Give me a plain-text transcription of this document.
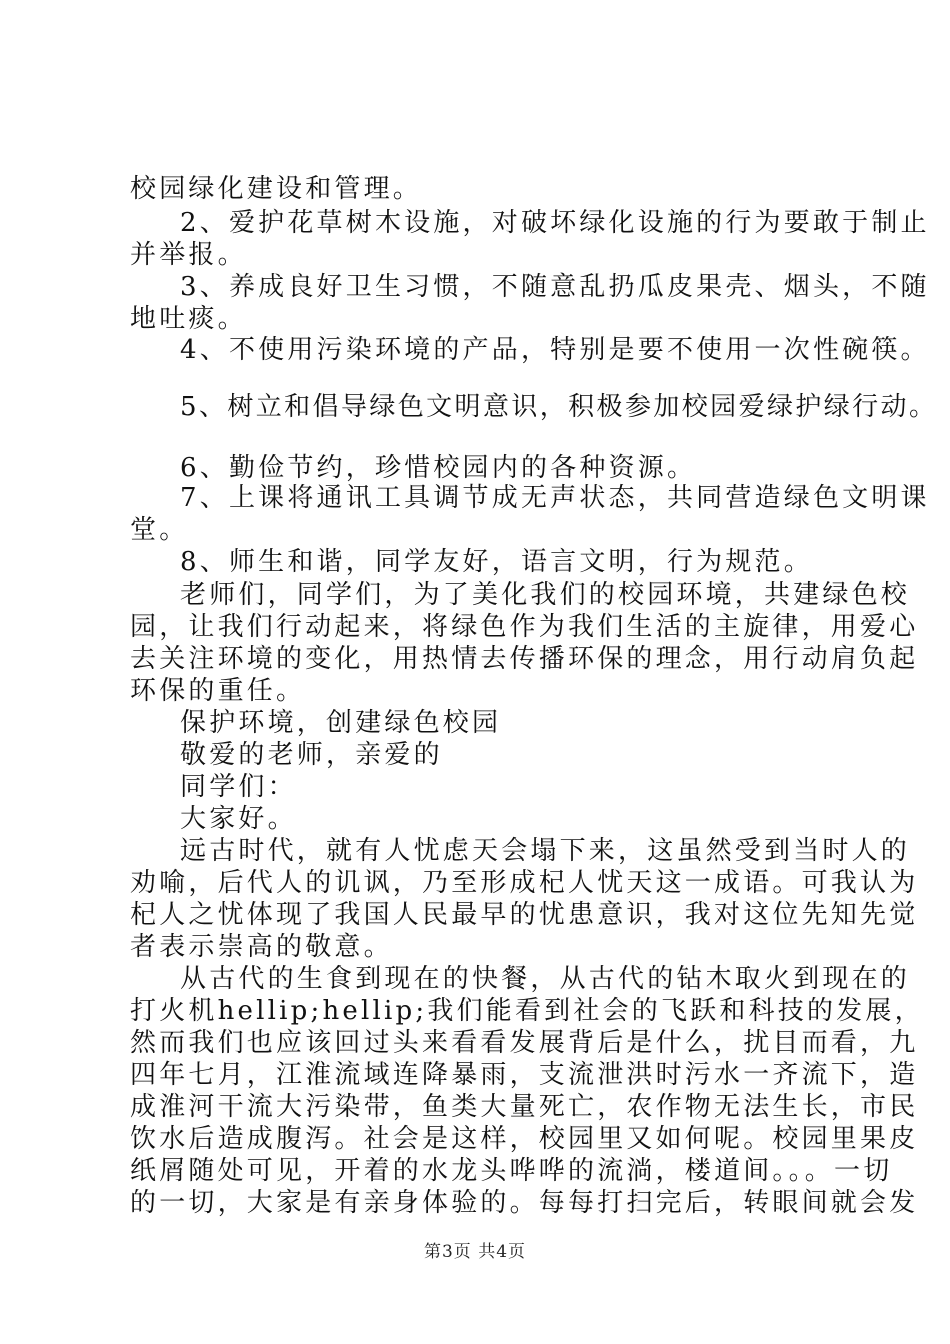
校园绿化建设和管理。
2、爱护花草树木设施，对破坏绿化设施的行为要敢于制止
并举报。
3、养成良好卫生习惯，不随意乱扔瓜皮果壳、烟头，不随
地吐痰。
4、不使用污染环境的产品，特别是要不使用一次性碗筷。
5、树立和倡导绿色文明意识，积极参加校园爱绿护绿行动。
6、勤俭节约，珍惜校园内的各种资源。
7、上课将通讯工具调节成无声状态，共同营造绿色文明课
堂。
8、师生和谐，同学友好，语言文明，行为规范。
老师们，同学们，为了美化我们的校园环境，共建绿色校
园，让我们行动起来，将绿色作为我们生活的主旋律，用爱心
去关注环境的变化，用热情去传播环保的理念，用行动肩负起
环保的重任。
保护环境，创建绿色校园
敬爱的老师，亲爱的
同学们：
大家好。
远古时代，就有人忧虑天会塌下来，这虽然受到当时人的
劝喻，后代人的讥讽，乃至形成杞人忧天这一成语。可我认为
杞人之忧体现了我国人民最早的忧患意识，我对这位先知先觉
者表示崇高的敬意。
从古代的生食到现在的快餐，从古代的钻木取火到现在的
打火机hellip;hellip;我们能看到社会的飞跃和科技的发展，
然而我们也应该回过头来看看发展背后是什么，扰目而看，九
四年七月，江淮流域连降暴雨，支流泄洪时污水一齐流下，造
成淮河干流大污染带，鱼类大量死亡，农作物无法生长，市民
饮水后造成腹泻。社会是这样，校园里又如何呢。校园里果皮
纸屑随处可见，开着的水龙头哗哗的流淌，楼道间。。。一切
的一切，大家是有亲身体验的。每每打扫完后，转眼间就会发
第3页 共4页
